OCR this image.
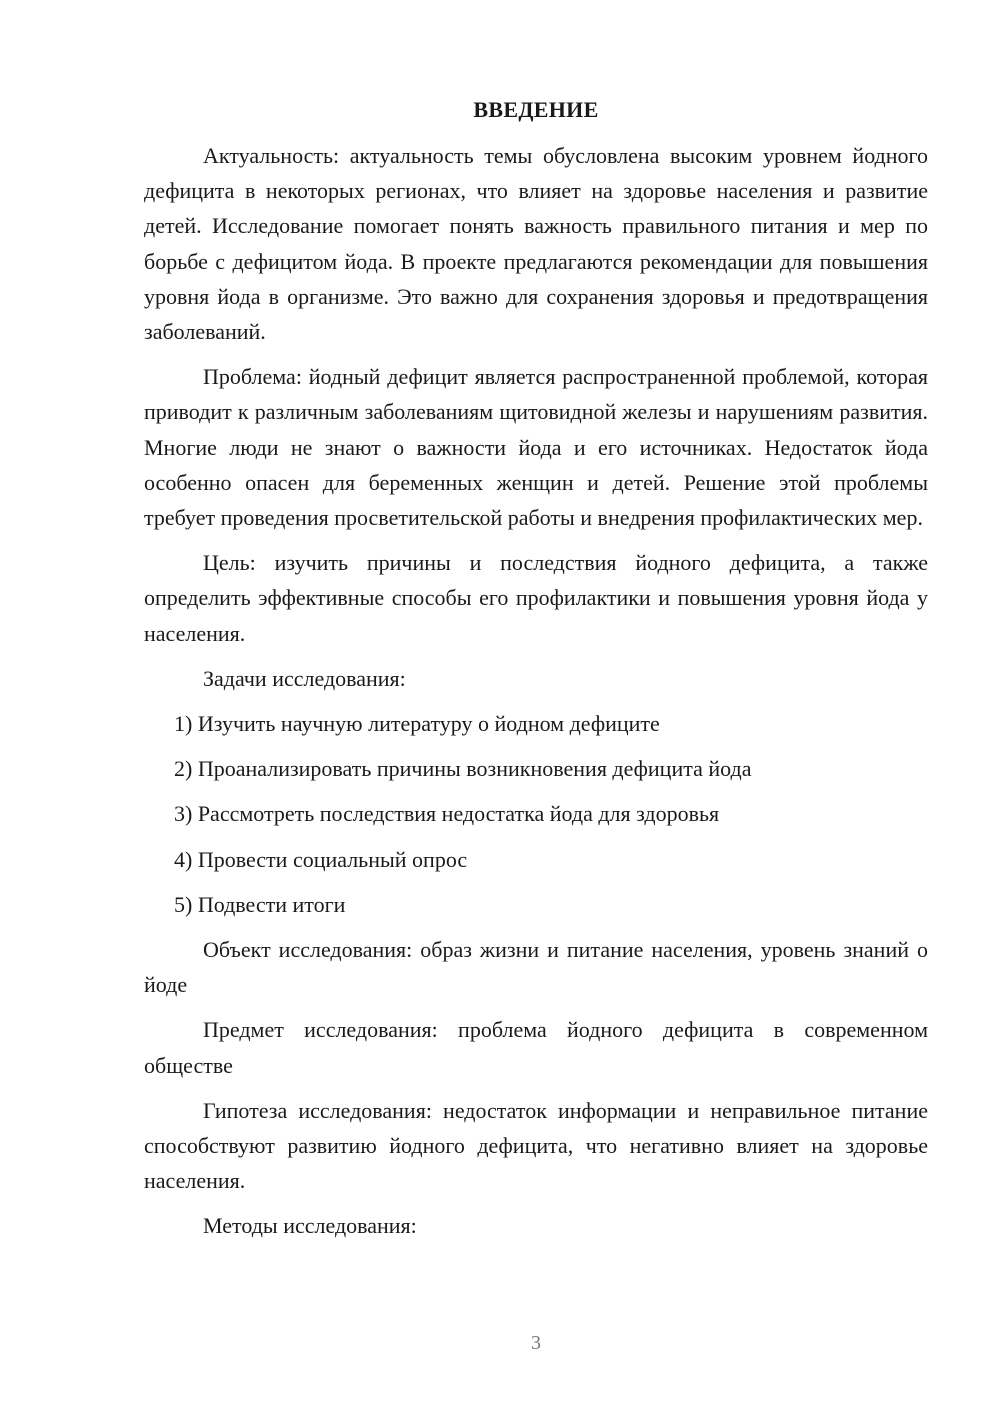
ВВЕДЕНИЕ

Актуальность: актуальность темы обусловлена высоким уровнем йодного дефицита в некоторых регионах, что влияет на здоровье населения и развитие детей. Исследование помогает понять важность правильного питания и мер по борьбе с дефицитом йода. В проекте предлагаются рекомендации для повышения уровня йода в организме. Это важно для сохранения здоровья и предотвращения заболеваний.

Проблема: йодный дефицит является распространенной проблемой, которая приводит к различным заболеваниям щитовидной железы и нарушениям развития. Многие люди не знают о важности йода и его источниках. Недостаток йода особенно опасен для беременных женщин и детей. Решение этой проблемы требует проведения просветительской работы и внедрения профилактических мер.

Цель: изучить причины и последствия йодного дефицита, а также определить эффективные способы его профилактики и повышения уровня йода у населения.

Задачи исследования:

1) Изучить научную литературу о йодном дефиците
2) Проанализировать причины возникновения дефицита йода
3) Рассмотреть последствия недостатка йода для здоровья
4) Провести социальный опрос
5) Подвести итоги

Объект исследования: образ жизни и питание населения, уровень знаний о йоде

Предмет исследования: проблема йодного дефицита в современном обществе

Гипотеза исследования: недостаток информации и неправильное питание способствуют развитию йодного дефицита, что негативно влияет на здоровье населения.

Методы исследования:

3
